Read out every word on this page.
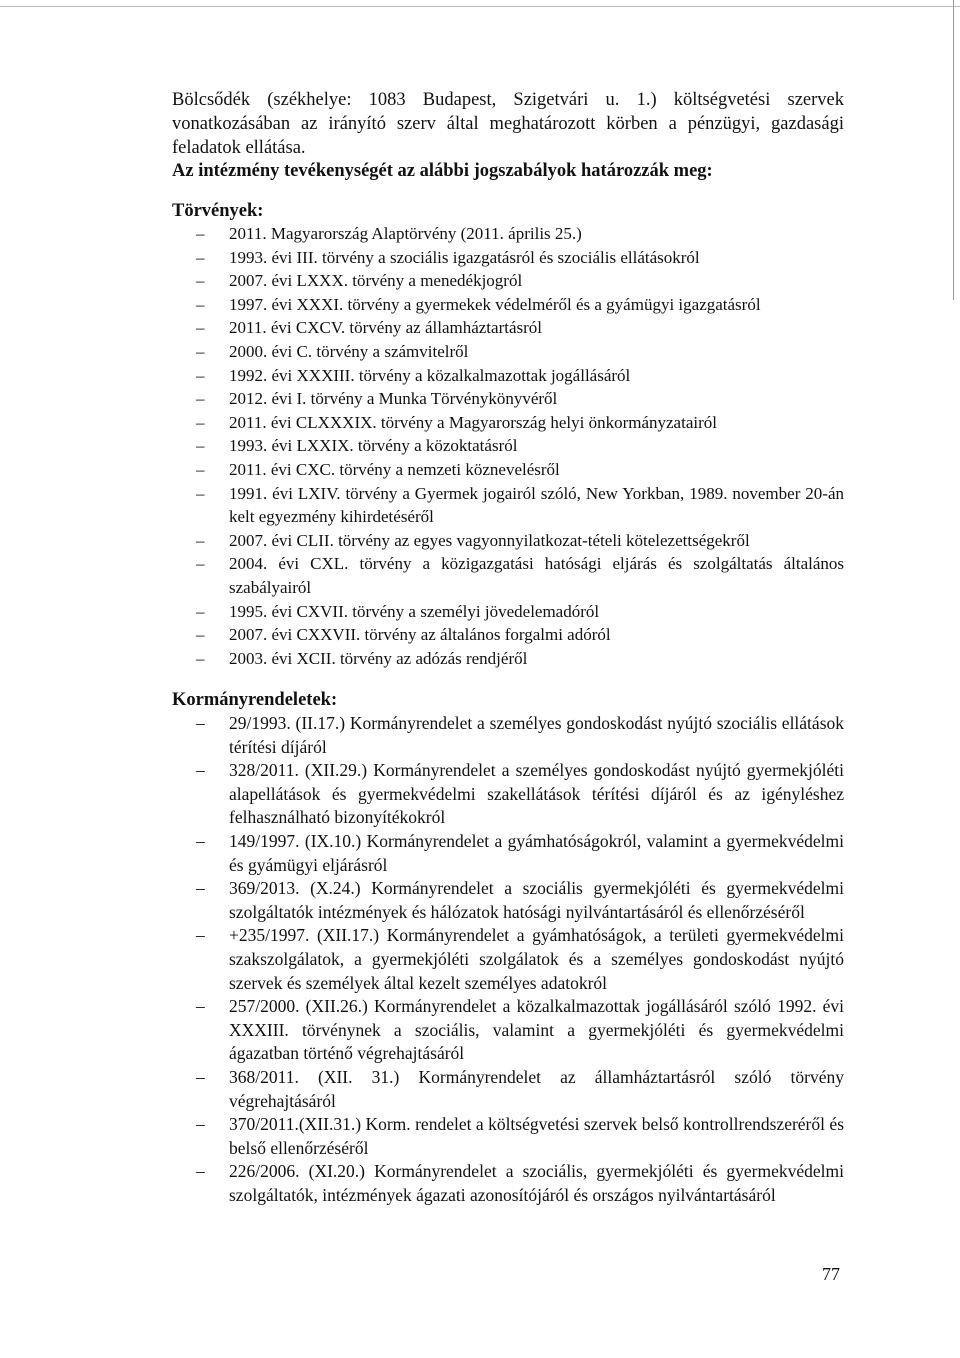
Bölcsődék (székhelye: 1083 Budapest, Szigetvári u. 1.) költségvetési szervek vonatkozásában az irányító szerv által meghatározott körben a pénzügyi, gazdasági feladatok ellátása.

Az intézmény tevékenységét az alábbi jogszabályok határozzák meg:

Törvények:

–	2011. Magyarország Alaptörvény (2011. április 25.)
–	1993. évi III. törvény a szociális igazgatásról és szociális ellátásokról
–	2007. évi LXXX. törvény a menedékjogról
–	1997. évi XXXI. törvény a gyermekek védelméről és a gyámügyi igazgatásról
–	2011. évi CXCV. törvény az államháztartásról
–	2000. évi C. törvény a számvitelről
–	1992. évi XXXIII. törvény a közalkalmazottak jogállásáról
–	2012. évi I. törvény a Munka Törvénykönyvéről
–	2011. évi CLXXXIX. törvény a Magyarország helyi önkormányzatairól
–	1993. évi LXXIX. törvény a közoktatásról
–	2011. évi CXC. törvény a nemzeti köznevelésről
–	1991. évi LXIV. törvény a Gyermek jogairól szóló, New Yorkban, 1989. november 20-án kelt egyezmény kihirdetéséről
–	2007. évi CLII. törvény az egyes vagyonnyilatkozat-tételi kötelezettségekről
–	2004. évi CXL. törvény a közigazgatási hatósági eljárás és szolgáltatás általános szabályairól
–	1995. évi CXVII. törvény a személyi jövedelemadóról
–	2007. évi CXXVII. törvény az általános forgalmi adóról
–	2003. évi XCII. törvény az adózás rendjéről

Kormányrendeletek:

–	29/1993. (II.17.) Kormányrendelet a személyes gondoskodást nyújtó szociális ellátások térítési díjáról
–	328/2011. (XII.29.) Kormányrendelet a személyes gondoskodást nyújtó gyermekjóléti alapellátások és gyermekvédelmi szakellátások térítési díjáról és az igényléshez felhasználható bizonyítékokról
–	149/1997. (IX.10.) Kormányrendelet a gyámhatóságokról, valamint a gyermekvédelmi és gyámügyi eljárásról
–	369/2013. (X.24.) Kormányrendelet a szociális gyermekjóléti és gyermekvédelmi szolgáltatók intézmények és hálózatok hatósági nyilvántartásáról és ellenőrzéséről
–	+235/1997. (XII.17.) Kormányrendelet a gyámhatóságok, a területi gyermekvédelmi szakszolgálatok, a gyermekjóléti szolgálatok és a személyes gondoskodást nyújtó szervek és személyek által kezelt személyes adatokról
–	257/2000. (XII.26.) Kormányrendelet a közalkalmazottak jogállásáról szóló 1992. évi XXXIII. törvénynek a szociális, valamint a gyermekjóléti és gyermekvédelmi ágazatban történő végrehajtásáról
–	368/2011. (XII. 31.) Kormányrendelet az államháztartásról szóló törvény végrehajtásáról
–	370/2011.(XII.31.) Korm. rendelet a költségvetési szervek belső kontrollrendszeréről és belső ellenőrzéséről
–	226/2006. (XI.20.) Kormányrendelet a szociális, gyermekjóléti és gyermekvédelmi szolgáltatók, intézmények ágazati azonosítójáról és országos nyilvántartásáról

77
